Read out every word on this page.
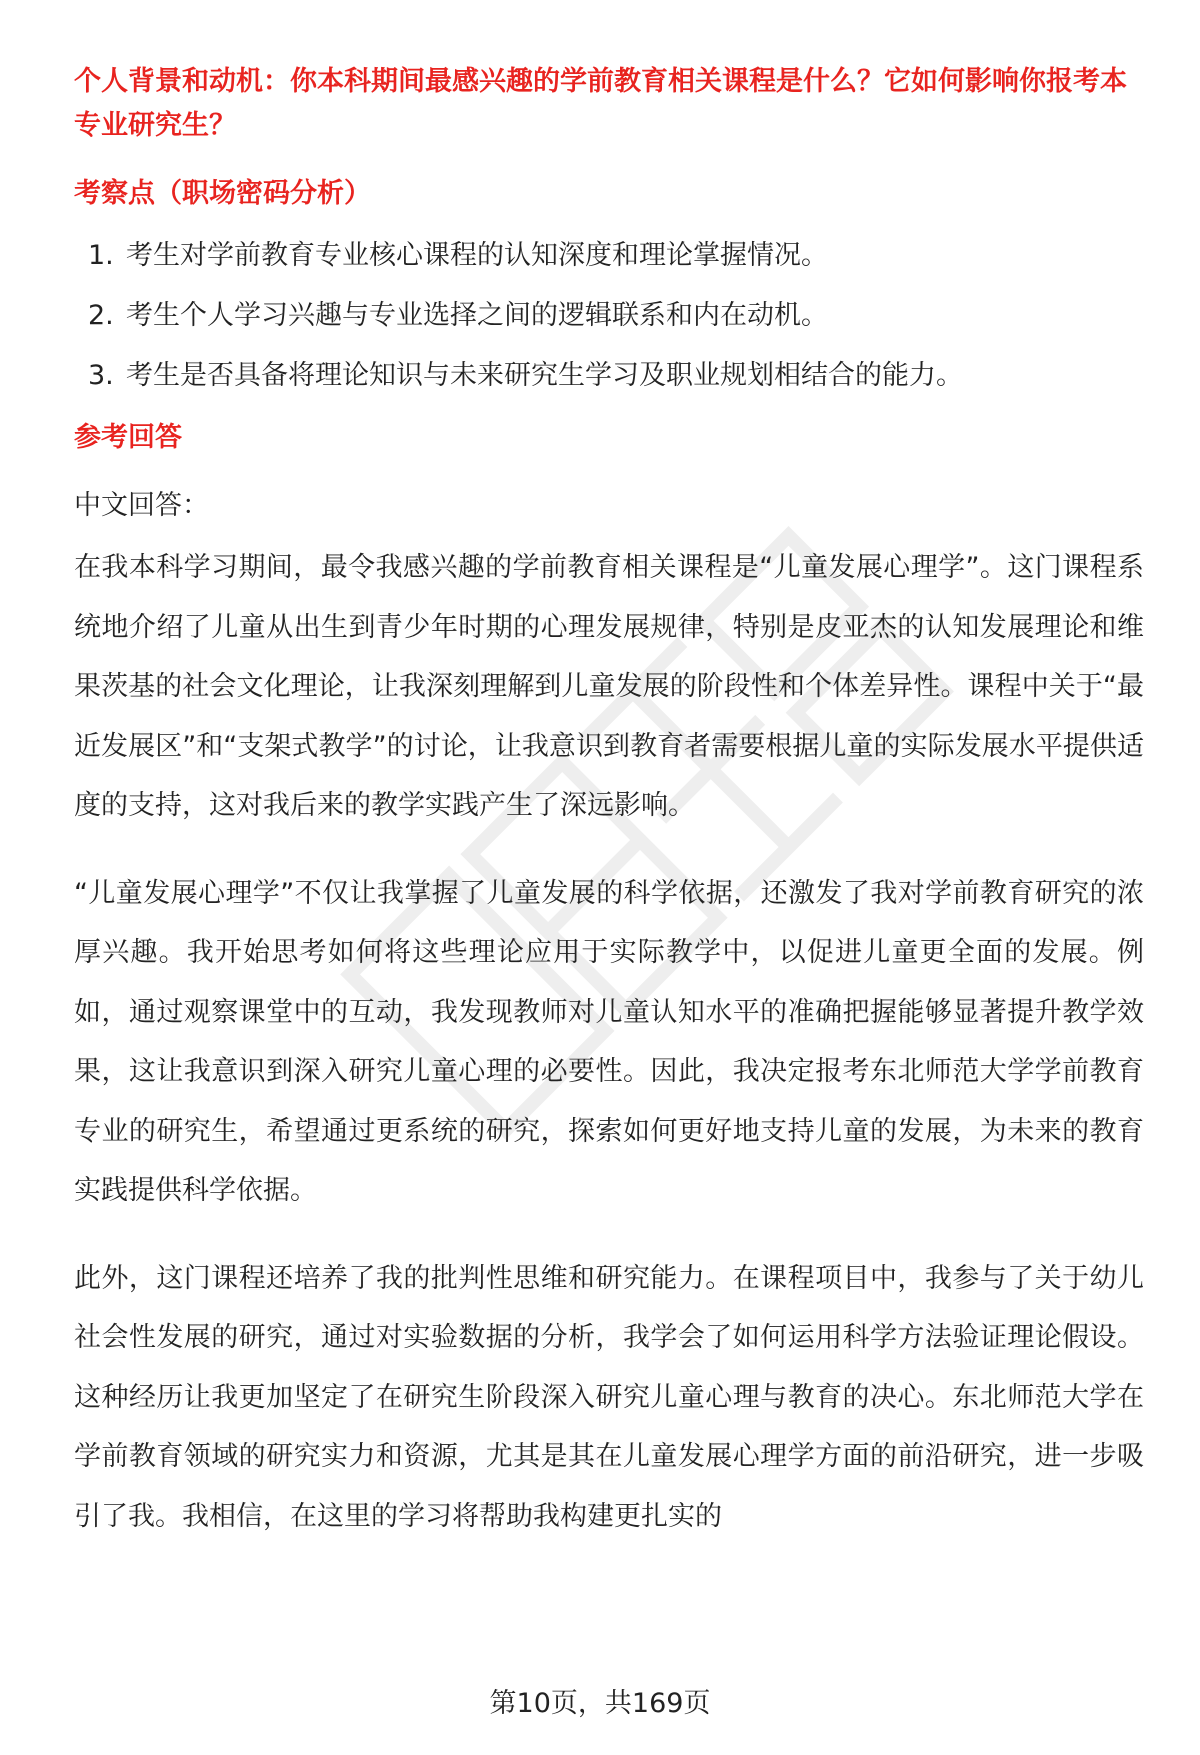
职场密码

个人背景和动机：你本科期间最感兴趣的学前教育相关课程是什么？它如何影响你报考本专业研究生？

考察点（职场密码分析）

1. 考生对学前教育专业核心课程的认知深度和理论掌握情况。
2. 考生个人学习兴趣与专业选择之间的逻辑联系和内在动机。
3. 考生是否具备将理论知识与未来研究生学习及职业规划相结合的能力。

参考回答

中文回答：

在我本科学习期间，最令我感兴趣的学前教育相关课程是“儿童发展心理学”。这门课程系统地介绍了儿童从出生到青少年时期的心理发展规律，特别是皮亚杰的认知发展理论和维果茨基的社会文化理论，让我深刻理解到儿童发展的阶段性和个体差异性。课程中关于“最近发展区”和“支架式教学”的讨论，让我意识到教育者需要根据儿童的实际发展水平提供适度的支持，这对我后来的教学实践产生了深远影响。

“儿童发展心理学”不仅让我掌握了儿童发展的科学依据，还激发了我对学前教育研究的浓厚兴趣。我开始思考如何将这些理论应用于实际教学中，以促进儿童更全面的发展。例如，通过观察课堂中的互动，我发现教师对儿童认知水平的准确把握能够显著提升教学效果，这让我意识到深入研究儿童心理的必要性。因此，我决定报考东北师范大学学前教育专业的研究生，希望通过更系统的研究，探索如何更好地支持儿童的发展，为未来的教育实践提供科学依据。

此外，这门课程还培养了我的批判性思维和研究能力。在课程项目中，我参与了关于幼儿社会性发展的研究，通过对实验数据的分析，我学会了如何运用科学方法验证理论假设。这种经历让我更加坚定了在研究生阶段深入研究儿童心理与教育的决心。东北师范大学在学前教育领域的研究实力和资源，尤其是其在儿童发展心理学方面的前沿研究，进一步吸引了我。我相信，在这里的学习将帮助我构建更扎实的

第10页，共169页
